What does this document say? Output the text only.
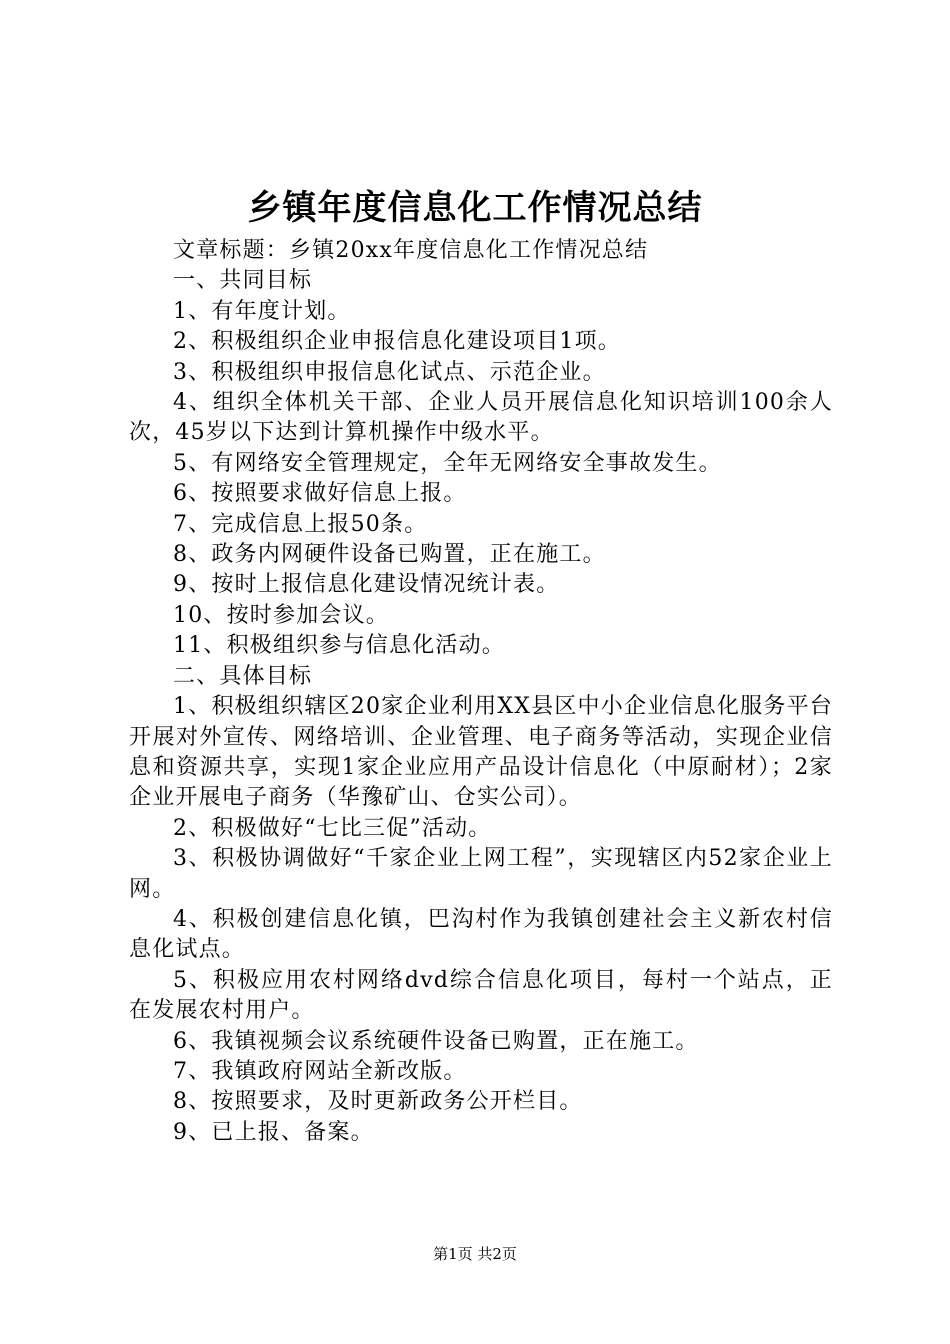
乡镇年度信息化工作情况总结

文章标题：乡镇20xx年度信息化工作情况总结

一、共同目标

1、有年度计划。

2、积极组织企业申报信息化建设项目1项。

3、积极组织申报信息化试点、示范企业。

4、组织全体机关干部、企业人员开展信息化知识培训100余人次，45岁以下达到计算机操作中级水平。

5、有网络安全管理规定，全年无网络安全事故发生。

6、按照要求做好信息上报。

7、完成信息上报50条。

8、政务内网硬件设备已购置，正在施工。

9、按时上报信息化建设情况统计表。

10、按时参加会议。

11、积极组织参与信息化活动。

二、具体目标

1、积极组织辖区20家企业利用XX县区中小企业信息化服务平台开展对外宣传、网络培训、企业管理、电子商务等活动，实现企业信息和资源共享，实现1家企业应用产品设计信息化（中原耐材）；2家企业开展电子商务（华豫矿山、仓实公司）。

2、积极做好“七比三促”活动。

3、积极协调做好“千家企业上网工程”，实现辖区内52家企业上网。

4、积极创建信息化镇，巴沟村作为我镇创建社会主义新农村信息化试点。

5、积极应用农村网络dvd综合信息化项目，每村一个站点，正在发展农村用户。

6、我镇视频会议系统硬件设备已购置，正在施工。

7、我镇政府网站全新改版。

8、按照要求，及时更新政务公开栏目。

9、已上报、备案。

第1页 共2页
